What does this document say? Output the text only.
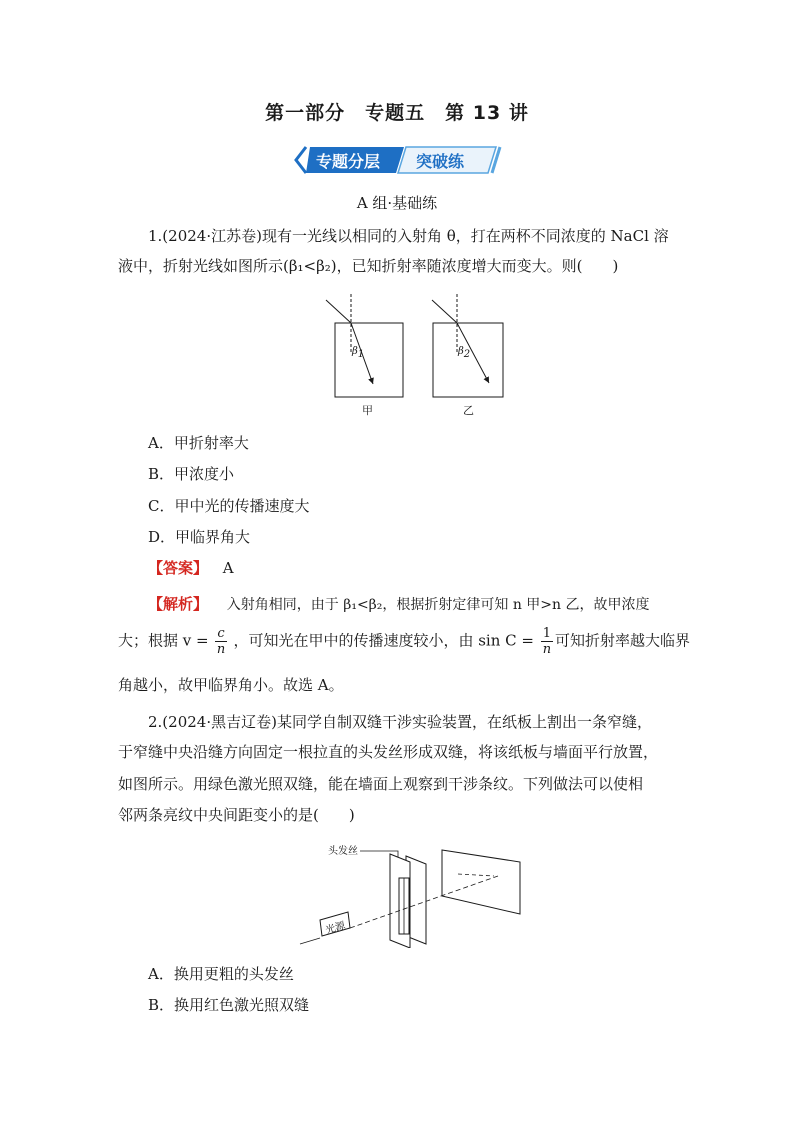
第一部分　专题五　第 13 讲
专题分层 突破练
A 组·基础练
1.(2024·江苏卷)现有一光线以相同的入射角 θ，打在两杯不同浓度的 NaCl 溶
液中，折射光线如图所示(β₁<β₂)，已知折射率随浓度增大而变大。则(　　)
$\beta_1$	$\beta_2$
甲	乙
A．甲折射率大
B．甲浓度小
C．甲中光的传播速度大
D．甲临界角大
【答案】 A
【解析】 入射角相同，由于 β₁<β₂，根据折射定律可知 n 甲>n 乙，故甲浓度
大；根据 $v = \frac{c}{n}$ ，可知光在甲中的传播速度较小，由 $\sin C = \frac{1}{n}$ 可知折射率越大临界
角越小，故甲临界角小。故选 A。
2.(2024·黑吉辽卷)某同学自制双缝干涉实验装置，在纸板上割出一条窄缝，
于窄缝中央沿缝方向固定一根拉直的头发丝形成双缝，将该纸板与墙面平行放置，
如图所示。用绿色激光照双缝，能在墙面上观察到干涉条纹。下列做法可以使相
邻两条亮纹中央间距变小的是(　　)
头发丝
光源
A．换用更粗的头发丝
B．换用红色激光照双缝
